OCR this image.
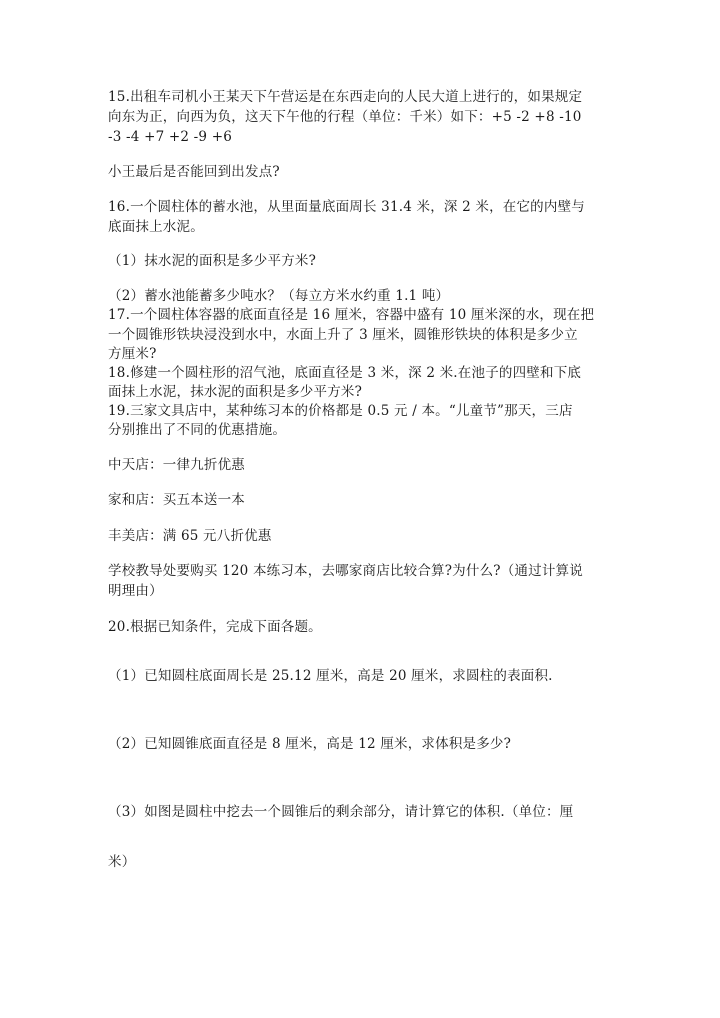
15.出租车司机小王某天下午营运是在东西走向的人民大道上进行的，如果规定
向东为正，向西为负，这天下午他的行程（单位：千米）如下：+5 -2 +8 -10
-3 -4 +7 +2 -9 +6
小王最后是否能回到出发点?
16.一个圆柱体的蓄水池，从里面量底面周长 31.4 米，深 2 米，在它的内壁与
底面抹上水泥。
（1）抹水泥的面积是多少平方米?
（2）蓄水池能蓄多少吨水？（每立方米水约重 1.1 吨）
17.一个圆柱体容器的底面直径是 16 厘米，容器中盛有 10 厘米深的水，现在把
一个圆锥形铁块浸没到水中，水面上升了 3 厘米，圆锥形铁块的体积是多少立
方厘米?
18.修建一个圆柱形的沼气池，底面直径是 3 米，深 2 米.在池子的四壁和下底
面抹上水泥，抹水泥的面积是多少平方米?
19.三家文具店中，某种练习本的价格都是 0.5 元 / 本。“儿童节”那天，三店
分别推出了不同的优惠措施。
中天店：一律九折优惠
家和店：买五本送一本
丰美店：满 65 元八折优惠
学校教导处要购买 120 本练习本，去哪家商店比较合算?为什么?（通过计算说
明理由）
20.根据已知条件，完成下面各题。
（1）已知圆柱底面周长是 25.12 厘米，高是 20 厘米，求圆柱的表面积.
（2）已知圆锥底面直径是 8 厘米，高是 12 厘米，求体积是多少?
（3）如图是圆柱中挖去一个圆锥后的剩余部分，请计算它的体积.（单位：厘
米）
